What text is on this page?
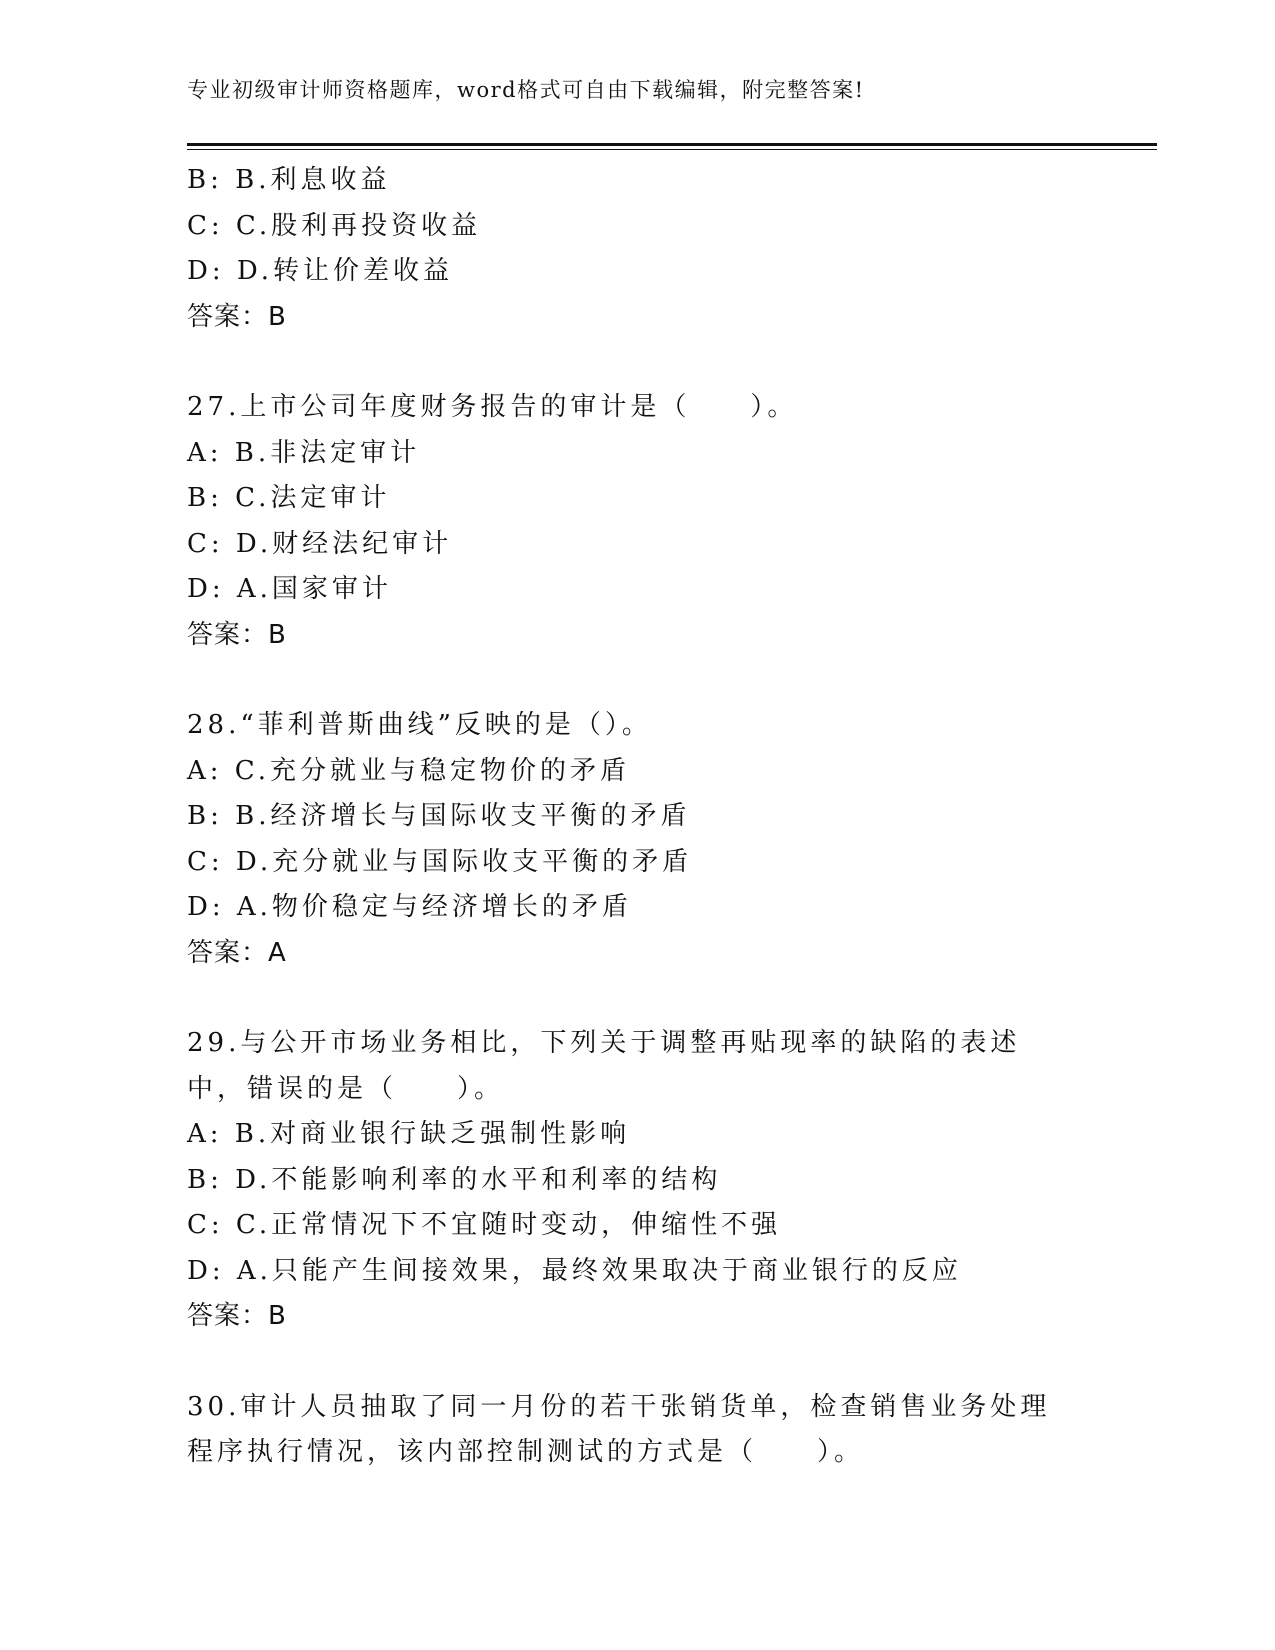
专业初级审计师资格题库，word格式可自由下载编辑，附完整答案!
B: B.利息收益
C: C.股利再投资收益
D: D.转让价差收益
答案：B
27.上市公司年度财务报告的审计是（　　）。
A: B.非法定审计
B: C.法定审计
C: D.财经法纪审计
D: A.国家审计
答案：B
28.“菲利普斯曲线”反映的是（）。
A: C.充分就业与稳定物价的矛盾
B: B.经济增长与国际收支平衡的矛盾
C: D.充分就业与国际收支平衡的矛盾
D: A.物价稳定与经济增长的矛盾
答案：A
29.与公开市场业务相比，下列关于调整再贴现率的缺陷的表述中，错误的是（　　）。
A: B.对商业银行缺乏强制性影响
B: D.不能影响利率的水平和利率的结构
C: C.正常情况下不宜随时变动，伸缩性不强
D: A.只能产生间接效果，最终效果取决于商业银行的反应
答案：B
30.审计人员抽取了同一月份的若干张销货单，检查销售业务处理程序执行情况，该内部控制测试的方式是（　　）。
